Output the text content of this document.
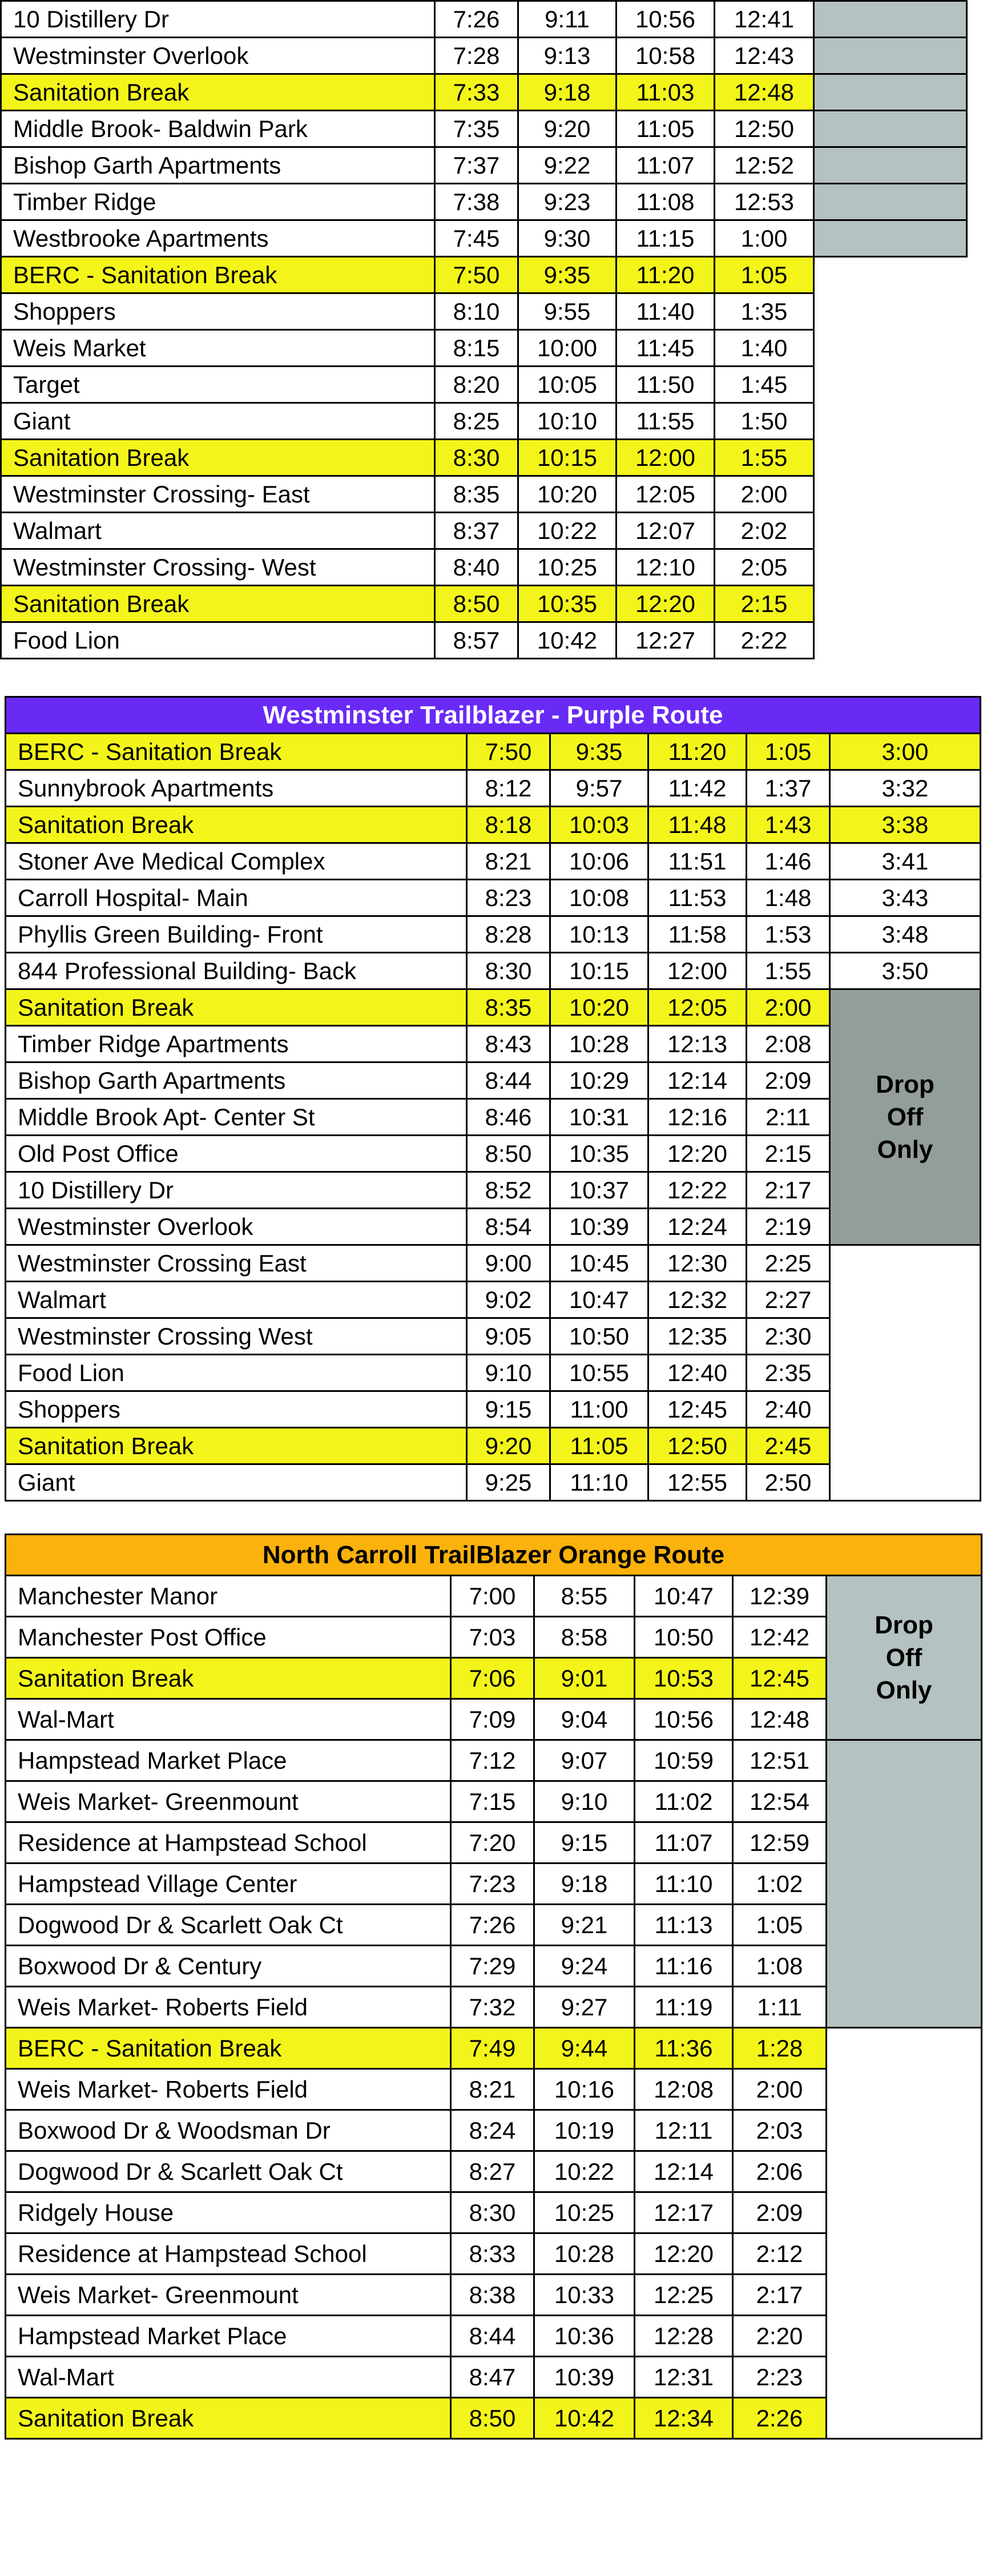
10 Distillery Dr	7:26	9:11	10:56	12:41	
Westminster Overlook	7:28	9:13	10:58	12:43	
Sanitation Break	7:33	9:18	11:03	12:48	
Middle Brook- Baldwin Park	7:35	9:20	11:05	12:50	
Bishop Garth Apartments	7:37	9:22	11:07	12:52	
Timber Ridge	7:38	9:23	11:08	12:53	
Westbrooke Apartments	7:45	9:30	11:15	1:00	
BERC - Sanitation Break	7:50	9:35	11:20	1:05	
Shoppers	8:10	9:55	11:40	1:35	
Weis Market	8:15	10:00	11:45	1:40	
Target	8:20	10:05	11:50	1:45	
Giant	8:25	10:10	11:55	1:50	
Sanitation Break	8:30	10:15	12:00	1:55	
Westminster Crossing- East	8:35	10:20	12:05	2:00	
Walmart	8:37	10:22	12:07	2:02	
Westminster Crossing- West	8:40	10:25	12:10	2:05	
Sanitation Break	8:50	10:35	12:20	2:15	
Food Lion	8:57	10:42	12:27	2:22	
Westminster Trailblazer - Purple Route					
BERC - Sanitation Break	7:50	9:35	11:20	1:05	3:00
Sunnybrook Apartments	8:12	9:57	11:42	1:37	3:32
Sanitation Break	8:18	10:03	11:48	1:43	3:38
Stoner Ave Medical Complex	8:21	10:06	11:51	1:46	3:41
Carroll Hospital- Main	8:23	10:08	11:53	1:48	3:43
Phyllis Green Building- Front	8:28	10:13	11:58	1:53	3:48
844 Professional Building- Back	8:30	10:15	12:00	1:55	3:50
Sanitation Break	8:35	10:20	12:05	2:00	Drop
Off
Only

Timber Ridge Apartments	8:43	10:28	12:13	2:08	
Bishop Garth Apartments	8:44	10:29	12:14	2:09	
Middle Brook Apt- Center St	8:46	10:31	12:16	2:11	
Old Post Office	8:50	10:35	12:20	2:15	
10 Distillery Dr	8:52	10:37	12:22	2:17	
Westminster Overlook	8:54	10:39	12:24	2:19	
Westminster Crossing East	9:00	10:45	12:30	2:25	
Walmart	9:02	10:47	12:32	2:27	
Westminster Crossing West	9:05	10:50	12:35	2:30	
Food Lion	9:10	10:55	12:40	2:35	
Shoppers	9:15	11:00	12:45	2:40	
Sanitation Break	9:20	11:05	12:50	2:45	
Giant	9:25	11:10	12:55	2:50	
North Carroll TrailBlazer Orange Route					
Manchester Manor	7:00	8:55	10:47	12:39	Drop
Off
Only

Manchester Post Office	7:03	8:58	10:50	12:42	
Sanitation Break	7:06	9:01	10:53	12:45	
Wal-Mart	7:09	9:04	10:56	12:48	
Hampstead Market Place	7:12	9:07	10:59	12:51	
Weis Market- Greenmount	7:15	9:10	11:02	12:54	
Residence at Hampstead School	7:20	9:15	11:07	12:59	
Hampstead Village Center	7:23	9:18	11:10	1:02	
Dogwood Dr & Scarlett Oak Ct	7:26	9:21	11:13	1:05	
Boxwood Dr & Century	7:29	9:24	11:16	1:08	
Weis Market- Roberts Field	7:32	9:27	11:19	1:11	
BERC - Sanitation Break	7:49	9:44	11:36	1:28	
Weis Market- Roberts Field	8:21	10:16	12:08	2:00	
Boxwood Dr & Woodsman Dr	8:24	10:19	12:11	2:03	
Dogwood Dr & Scarlett Oak Ct	8:27	10:22	12:14	2:06	
Ridgely House	8:30	10:25	12:17	2:09	
Residence at Hampstead School	8:33	10:28	12:20	2:12	
Weis Market- Greenmount	8:38	10:33	12:25	2:17	
Hampstead Market Place	8:44	10:36	12:28	2:20	
Wal-Mart	8:47	10:39	12:31	2:23	
Sanitation Break	8:50	10:42	12:34	2:26	
